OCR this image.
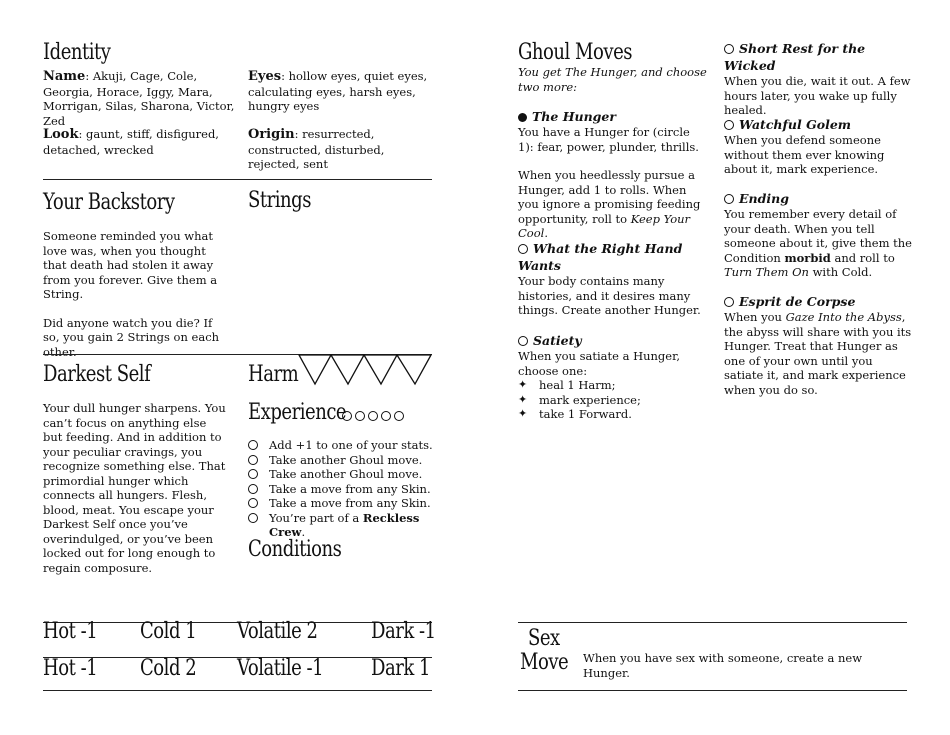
Identity
Name: Akuji, Cage, Cole, Georgia, Horace, Iggy, Mara, Morrigan, Silas, Sharona, Victor, Zed
Look: gaunt, stiff, disfigured, detached, wrecked
Eyes: hollow eyes, quiet eyes, calculating eyes, harsh eyes, hungry eyes
Origin: resurrected, constructed, disturbed, rejected, sent
Your Backstory	Strings

Someone reminded you what love was, when you thought that death had stolen it away from you forever. Give them a String.

Did anyone watch you die? If so, you gain 2 Strings on each other.

Darkest Self
Your dull hunger sharpens. You can’t focus on anything else but feeding. And in addition to your peculiar cravings, you recognize something else. That primordial hunger which connects all hungers. Flesh, blood, meat. You escape your Darkest Self once you’ve overindulged, or you’ve been locked out for long enough to regain composure.
Harm
Experience
Add +1 to one of your stats.
Take another Ghoul move.
Take another Ghoul move.
Take a move from any Skin.
Take a move from any Skin.
You’re part of a Reckless Crew.
Conditions
Hot -1 Cold 1 Volatile 2 Dark -1
Hot -1 Cold 2 Volatile -1 Dark 1
Ghoul Moves
You get The Hunger, and choose two more:
The Hunger

You have a Hunger for (circle 1): fear, power, plunder, thrills.

When you heedlessly pursue a Hunger, add 1 to rolls. When you ignore a promising feeding opportunity, roll to Keep Your Cool.

What the Right Hand Wants

Your body contains many histories, and it desires many things. Create another Hunger.

Satiety

When you satiate a Hunger, choose one:

✦ heal 1 Harm;
✦ mark experience;
✦ take 1 Forward.
Short Rest for the Wicked

When you die, wait it out. A few hours later, you wake up fully healed.

Watchful Golem

When you defend someone without them ever knowing about it, mark experience.

Ending

You remember every detail of your death. When you tell someone about it, give them the Condition morbid and roll to Turn Them On with Cold.

Esprit de Corpse

When you Gaze Into the Abyss, the abyss will share with you its Hunger. Treat that Hunger as one of your own until you satiate it, and mark experience when you do so.

Sex
Move When you have sex with someone, create a new Hunger.
